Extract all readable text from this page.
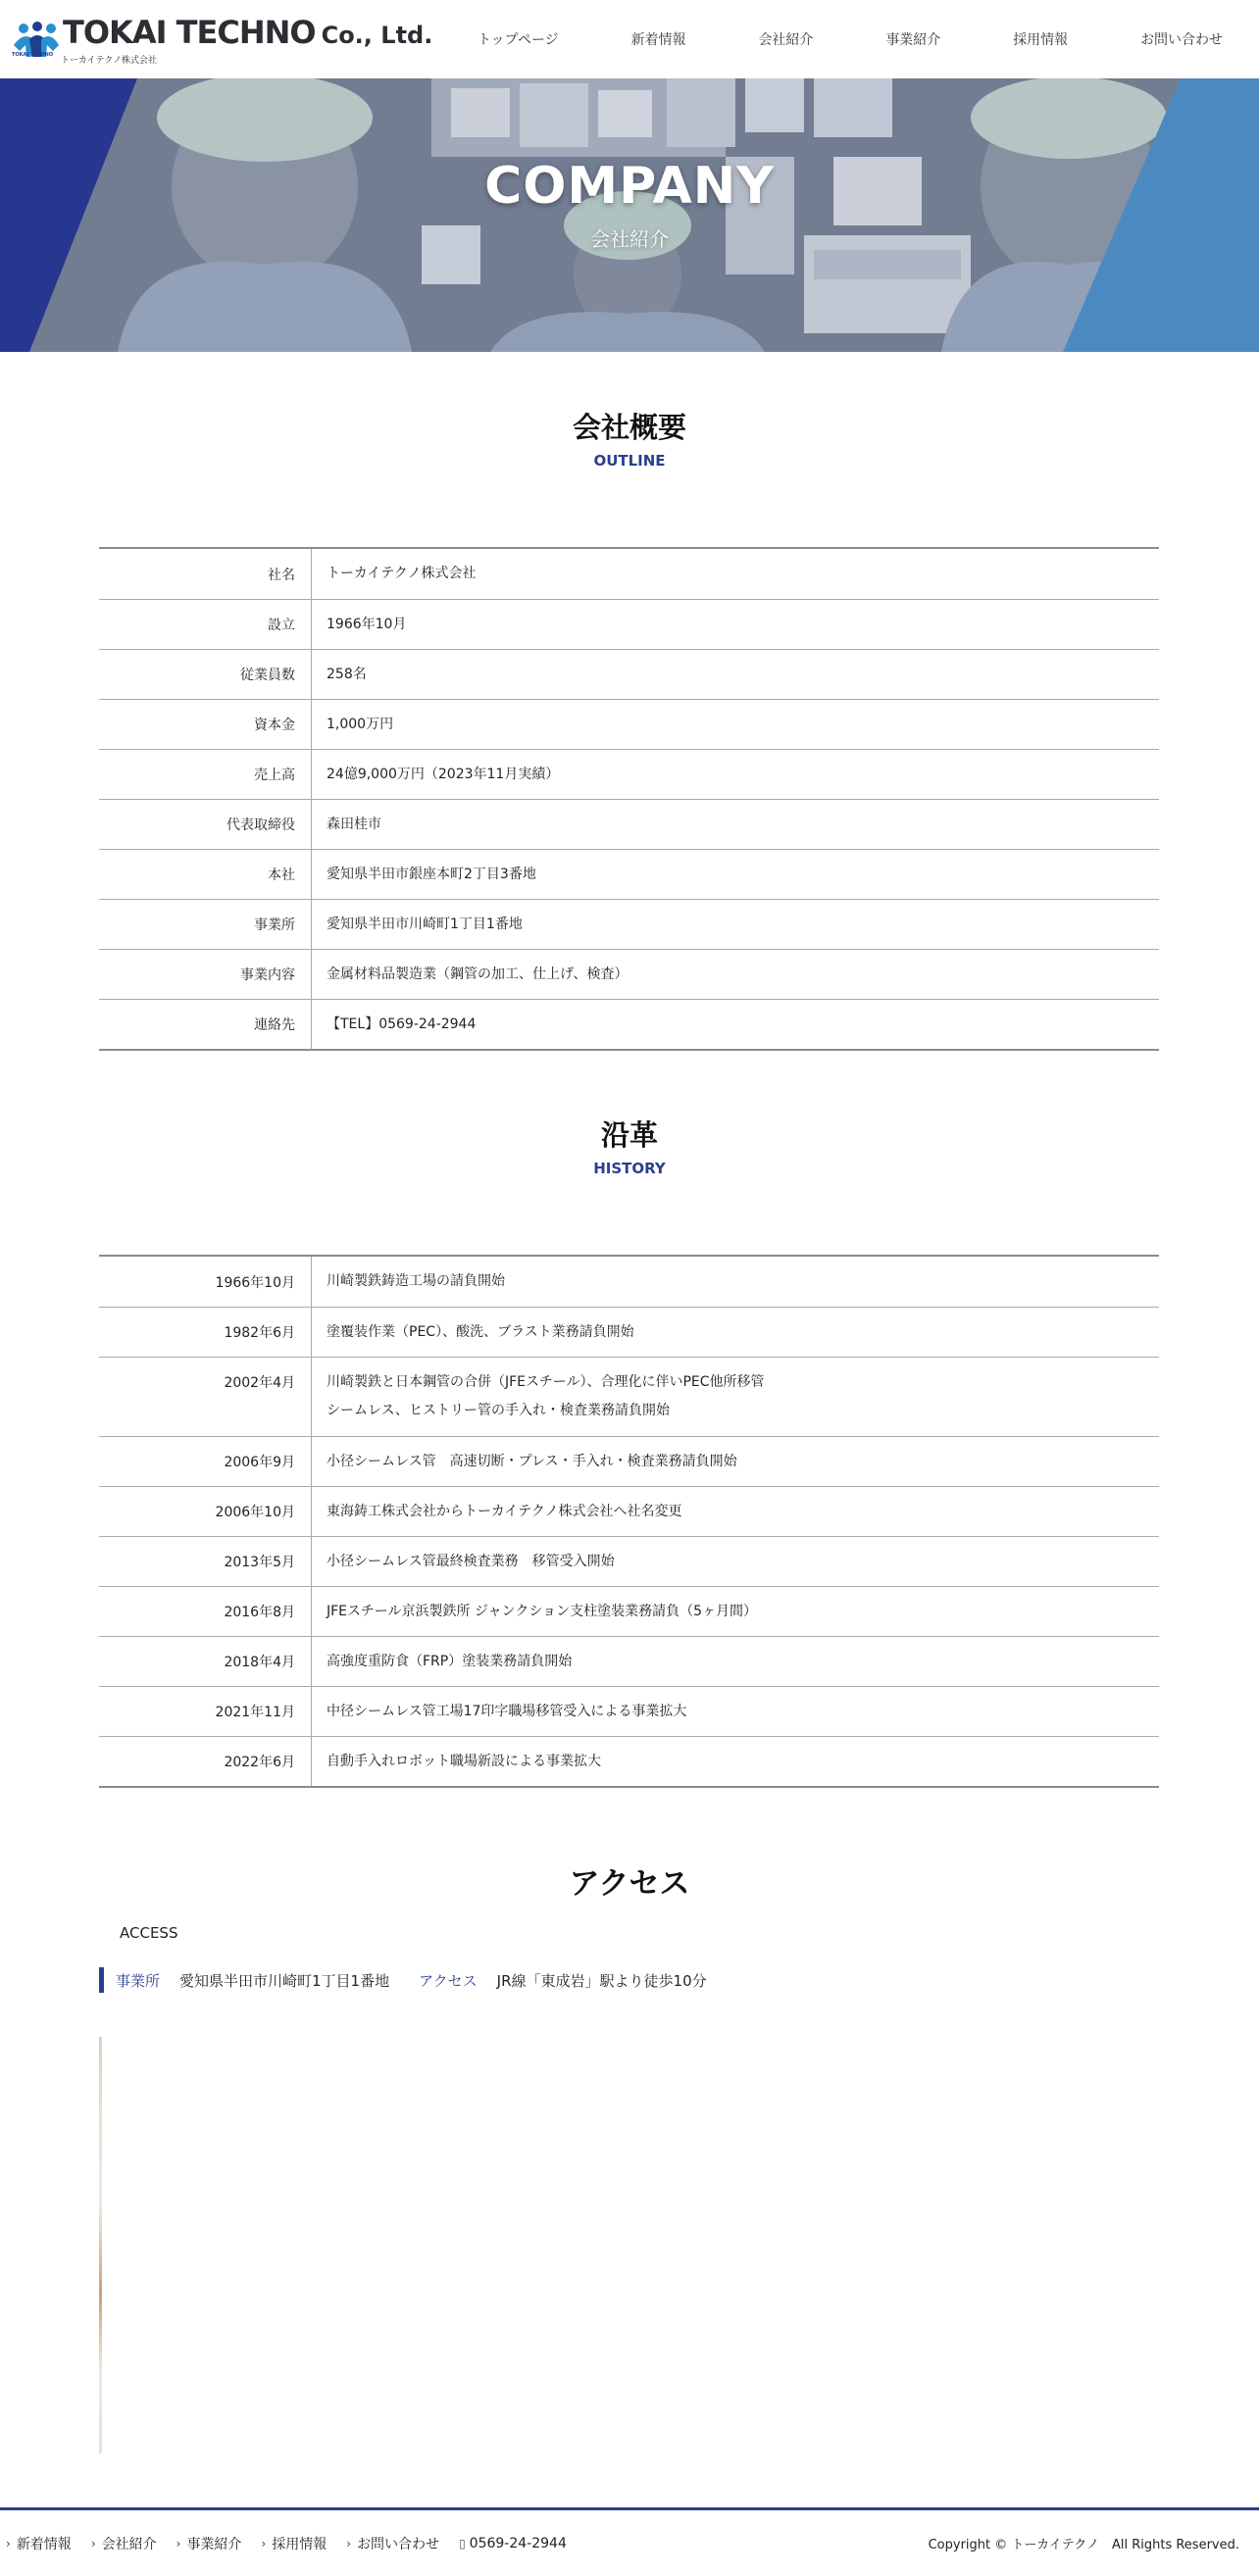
TOKAI TECHNO
TOKAI TECHNO Co., Ltd.
トーカイテクノ株式会社
トップページ	新着情報	会社紹介	事業紹介	採用情報	お問い合わせ
COMPANY
会社紹介
会社概要
OUTLINE
社名	トーカイテクノ株式会社
設立	1966年10月
従業員数	258名
資本金	1,000万円
売上高	24億9,000万円（2023年11月実績）
代表取締役	森田桂市
本社	愛知県半田市銀座本町2丁目3番地
事業所	愛知県半田市川崎町1丁目1番地
事業内容	金属材料品製造業（鋼管の加工、仕上げ、検査）
連絡先	【TEL】0569-24-2944
沿革
HISTORY
1966年10月	川崎製鉄鋳造工場の請負開始
1982年6月	塗覆装作業（PEC）、酸洗、ブラスト業務請負開始
2002年4月	川崎製鉄と日本鋼管の合併（JFEスチール）、合理化に伴いPEC他所移管
シームレス、ヒストリー管の手入れ・検査業務請負開始
2006年9月	小径シームレス管　高速切断・プレス・手入れ・検査業務請負開始
2006年10月	東海鋳工株式会社からトーカイテクノ株式会社へ社名変更
2013年5月	小径シームレス管最終検査業務　移管受入開始
2016年8月	JFEスチール京浜製鉄所 ジャンクション支柱塗装業務請負（5ヶ月間）
2018年4月	高強度重防食（FRP）塗装業務請負開始
2021年11月	中径シームレス管工場17印字職場移管受入による事業拡大
2022年6月	自動手入れロボット職場新設による事業拡大
アクセス
ACCESS
事業所 愛知県半田市川崎町1丁目1番地 アクセス JR線「東成岩」駅より徒歩10分
› 新着情報 › 会社紹介 › 事業紹介 › 採用情報 › お問い合わせ ▯ 0569-24-2944	Copyright © トーカイテクノ　All Rights Reserved.
